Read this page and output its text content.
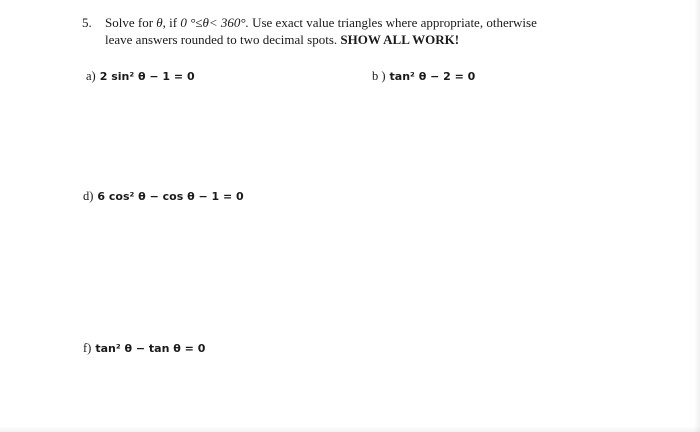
5. Solve for θ, if 0 °≤θ< 360°. Use exact value triangles where appropriate, otherwise
leave answers rounded to two decimal spots. SHOW ALL WORK!
a) 2 sin² θ − 1 = 0	b ) tan² θ − 2 = 0
d) 6 cos² θ − cos θ − 1 = 0
f) tan² θ − tan θ = 0
